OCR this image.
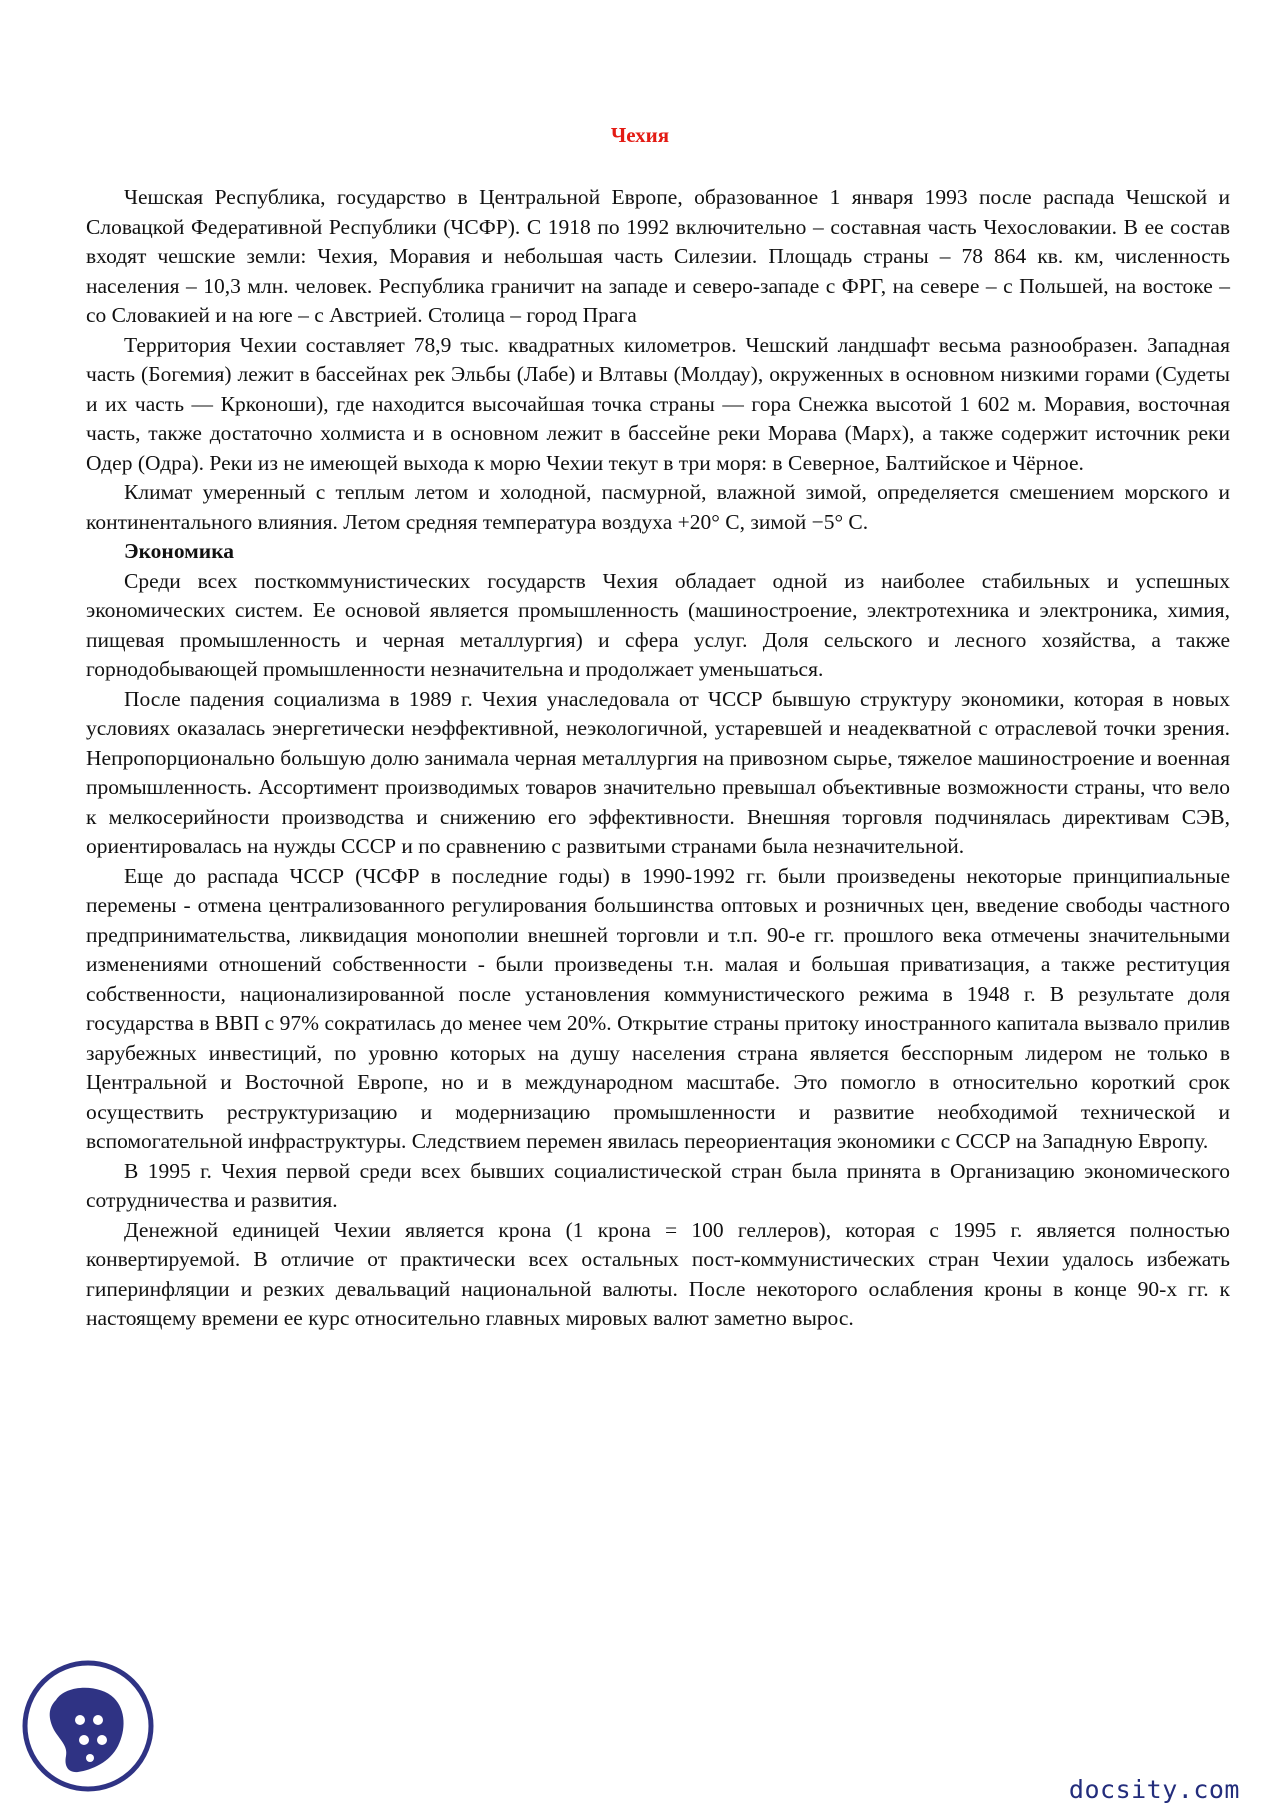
Чехия

Чешская Республика, государство в Центральной Европе, образованное 1 января 1993 после распада Чешской и Словацкой Федеративной Республики (ЧСФР). С 1918 по 1992 включительно – составная часть Чехословакии. В ее состав входят чешские земли: Чехия, Моравия и небольшая часть Силезии. Площадь страны – 78 864 кв. км, численность населения – 10,3 млн. человек. Республика граничит на западе и северо-западе с ФРГ, на севере – с Польшей, на востоке – со Словакией и на юге – с Австрией. Столица – город Прага

Территория Чехии составляет 78,9 тыс. квадратных километров. Чешский ландшафт весьма разнообразен. Западная часть (Богемия) лежит в бассейнах рек Эльбы (Лабе) и Влтавы (Молдау), окруженных в основном низкими горами (Судеты и их часть — Крконоши), где находится высочайшая точка страны — гора Снежка высотой 1 602 м. Моравия, восточная часть, также достаточно холмиста и в основном лежит в бассейне реки Морава (Марх), а также содержит источник реки Одер (Одра). Реки из не имеющей выхода к морю Чехии текут в три моря: в Северное, Балтийское и Чёрное.

Климат умеренный с теплым летом и холодной, пасмурной, влажной зимой, определяется смешением морского и континентального влияния. Летом средняя температура воздуха +20° C, зимой −5° C.

Экономика

Среди всех посткоммунистических государств Чехия обладает одной из наиболее стабильных и успешных экономических систем. Ее основой является промышленность (машиностроение, электротехника и электроника, химия, пищевая промышленность и черная металлургия) и сфера услуг. Доля сельского и лесного хозяйства, а также горнодобывающей промышленности незначительна и продолжает уменьшаться.

После падения социализма в 1989 г. Чехия унаследовала от ЧССР бывшую структуру экономики, которая в новых условиях оказалась энергетически неэффективной, неэкологичной, устаревшей и неадекватной с отраслевой точки зрения. Непропорционально большую долю занимала черная металлургия на привозном сырье, тяжелое машиностроение и военная промышленность. Ассортимент производимых товаров значительно превышал объективные возможности страны, что вело к мелкосерийности производства и снижению его эффективности. Внешняя торговля подчинялась директивам СЭВ, ориентировалась на нужды СССР и по сравнению с развитыми странами была незначительной.

Еще до распада ЧССР (ЧСФР в последние годы) в 1990-1992 гг. были произведены некоторые принципиальные перемены - отмена централизованного регулирования большинства оптовых и розничных цен, введение свободы частного предпринимательства, ликвидация монополии внешней торговли и т.п. 90-е гг. прошлого века отмечены значительными изменениями отношений собственности - были произведены т.н. малая и большая приватизация, а также реституция собственности, национализированной после установления коммунистического режима в 1948 г. В результате доля государства в ВВП с 97% сократилась до менее чем 20%. Открытие страны притоку иностранного капитала вызвало прилив зарубежных инвестиций, по уровню которых на душу населения страна является бесспорным лидером не только в Центральной и Восточной Европе, но и в международном масштабе. Это помогло в относительно короткий срок осуществить реструктуризацию и модернизацию промышленности и развитие необходимой технической и вспомогательной инфраструктуры. Следствием перемен явилась переориентация экономики с СССР на Западную Европу.

В 1995 г. Чехия первой среди всех бывших социалистической стран была принята в Организацию экономического сотрудничества и развития.

Денежной единицей Чехии является крона (1 крона = 100 геллеров), которая с 1995 г. является полностью конвертируемой. В отличие от практически всех остальных пост-коммунистических стран Чехии удалось избежать гиперинфляции и резких девальваций национальной валюты. После некоторого ослабления кроны в конце 90-х гг. к настоящему времени ее курс относительно главных мировых валют заметно вырос.

docsity.com
